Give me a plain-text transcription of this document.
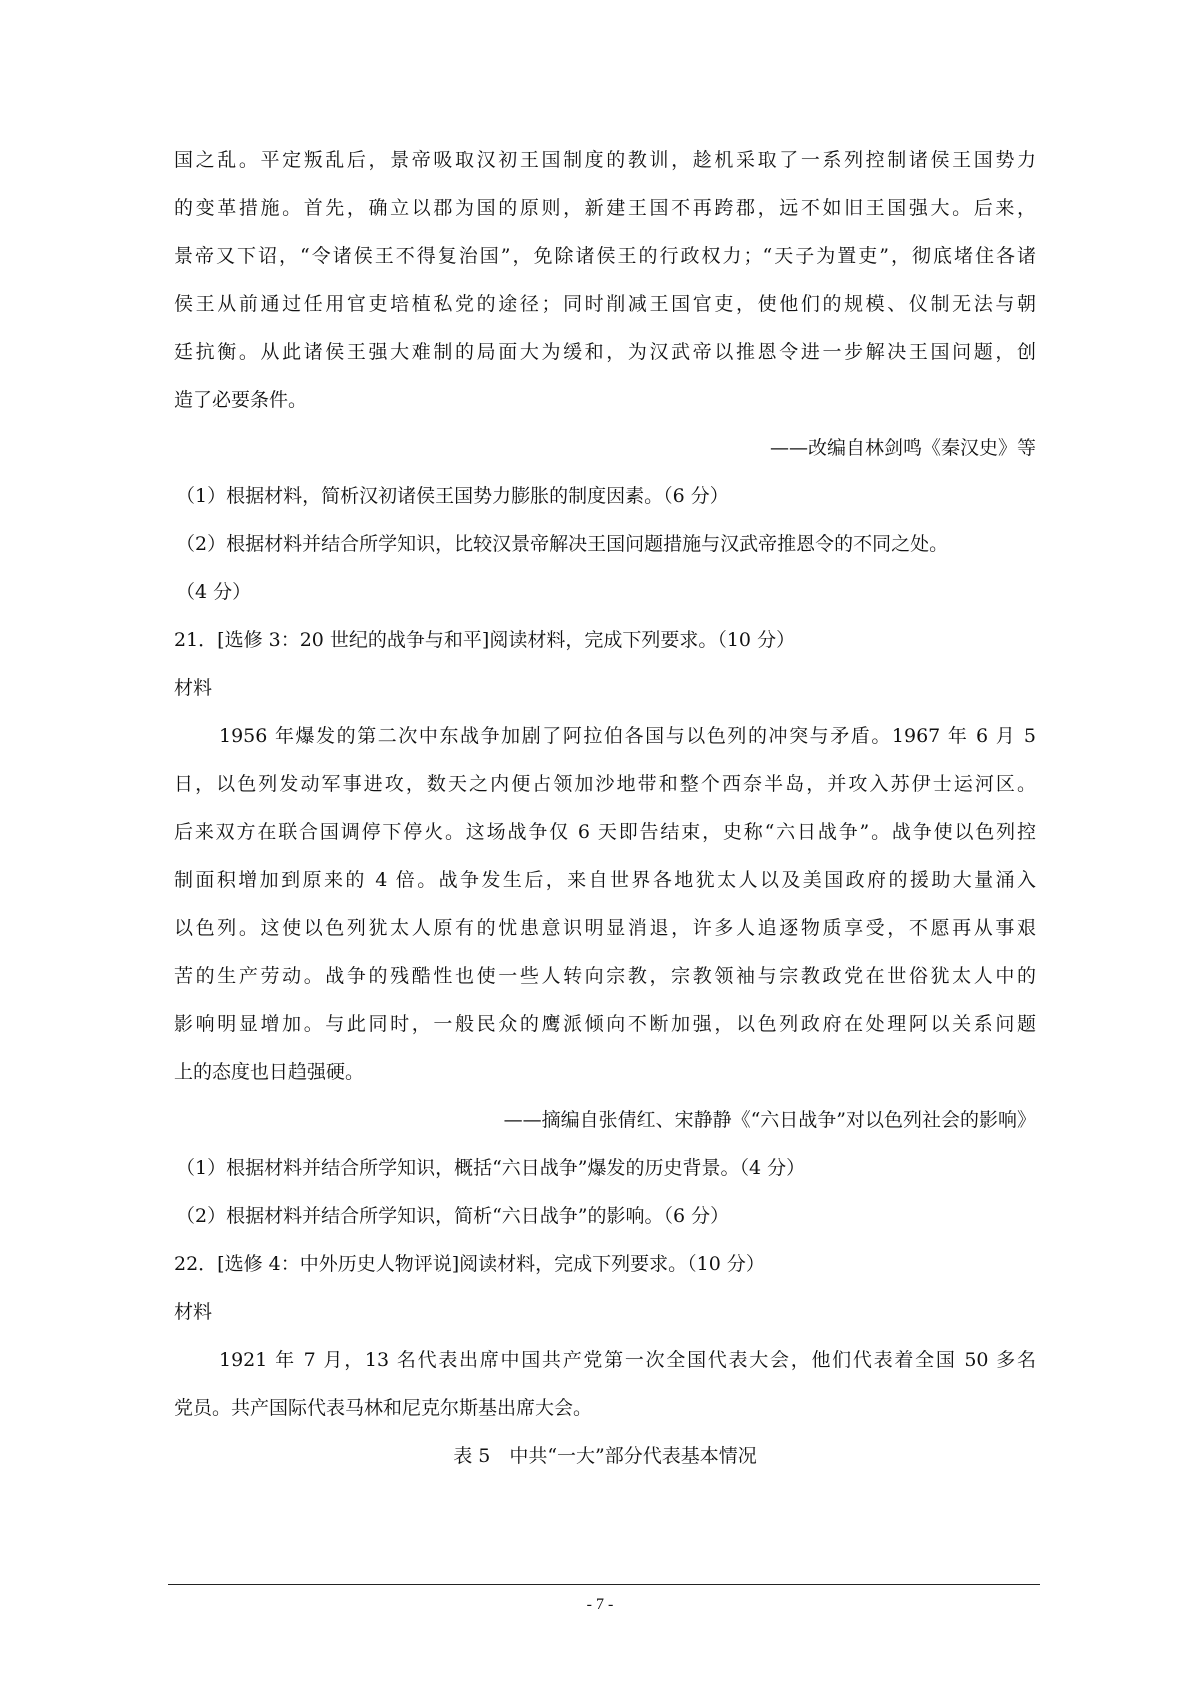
国之乱。平定叛乱后，景帝吸取汉初王国制度的教训，趁机采取了一系列控制诸侯王国势力
的变革措施。首先，确立以郡为国的原则，新建王国不再跨郡，远不如旧王国强大。后来，
景帝又下诏，“令诸侯王不得复治国”，免除诸侯王的行政权力；“天子为置吏”，彻底堵住各诸
侯王从前通过任用官吏培植私党的途径；同时削减王国官吏，使他们的规模、仪制无法与朝
廷抗衡。从此诸侯王强大难制的局面大为缓和，为汉武帝以推恩令进一步解决王国问题，创
造了必要条件。
——改编自林剑鸣《秦汉史》等
（1）根据材料，简析汉初诸侯王国势力膨胀的制度因素。（6 分）
（2）根据材料并结合所学知识，比较汉景帝解决王国问题措施与汉武帝推恩令的不同之处。
（4 分）
21．[选修 3：20 世纪的战争与和平]阅读材料，完成下列要求。（10 分）
材料
1956 年爆发的第二次中东战争加剧了阿拉伯各国与以色列的冲突与矛盾。1967 年 6 月 5
日，以色列发动军事进攻，数天之内便占领加沙地带和整个西奈半岛，并攻入苏伊士运河区。
后来双方在联合国调停下停火。这场战争仅 6 天即告结束，史称“六日战争”。战争使以色列控
制面积增加到原来的 4 倍。战争发生后，来自世界各地犹太人以及美国政府的援助大量涌入
以色列。这使以色列犹太人原有的忧患意识明显消退，许多人追逐物质享受，不愿再从事艰
苦的生产劳动。战争的残酷性也使一些人转向宗教，宗教领袖与宗教政党在世俗犹太人中的
影响明显增加。与此同时，一般民众的鹰派倾向不断加强，以色列政府在处理阿以关系问题
上的态度也日趋强硬。
——摘编自张倩红、宋静静《“六日战争”对以色列社会的影响》
（1）根据材料并结合所学知识，概括“六日战争”爆发的历史背景。（4 分）
（2）根据材料并结合所学知识，简析“六日战争”的影响。（6 分）
22．[选修 4：中外历史人物评说]阅读材料，完成下列要求。（10 分）
材料
1921 年 7 月，13 名代表出席中国共产党第一次全国代表大会，他们代表着全国 50 多名
党员。共产国际代表马林和尼克尔斯基出席大会。
表 5　中共“一大”部分代表基本情况
- 7 -
